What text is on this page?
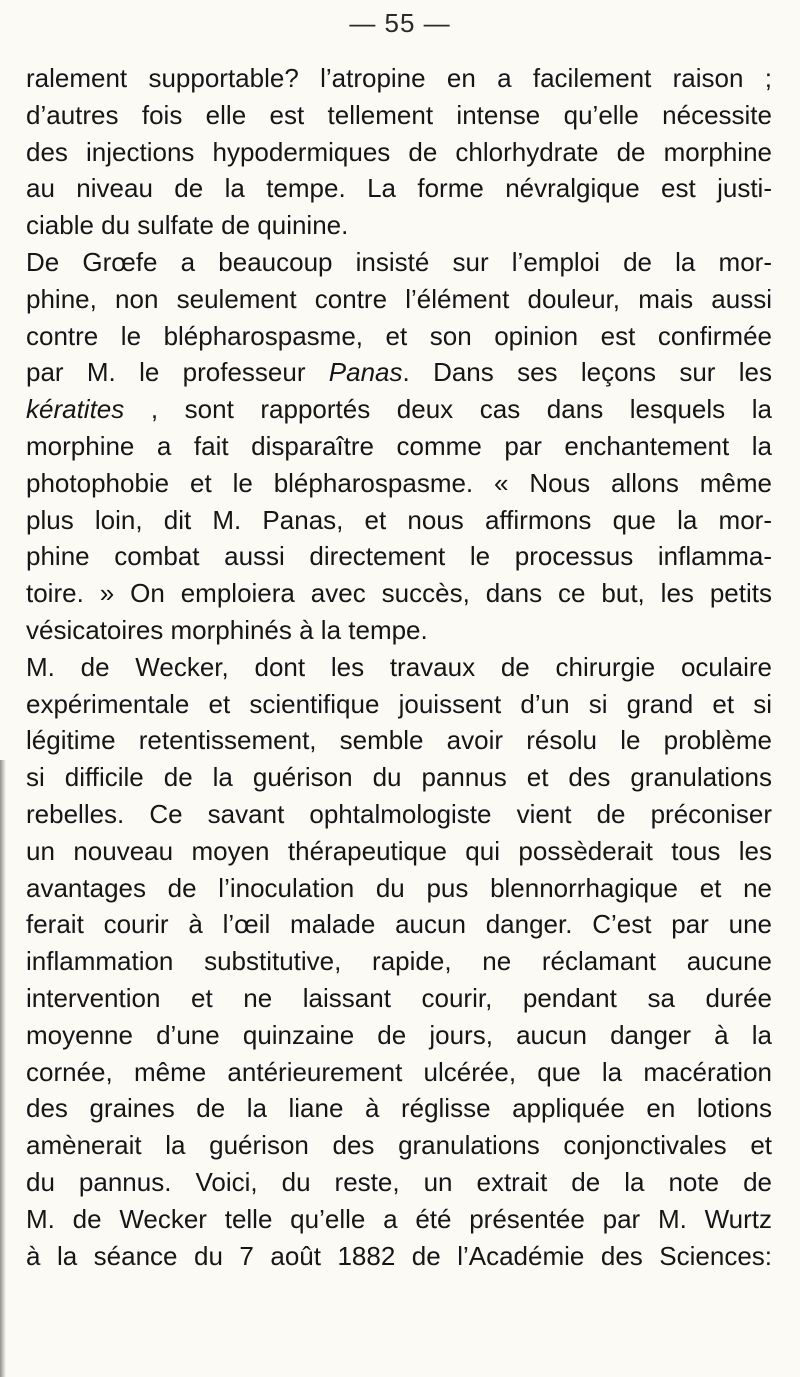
— 55 —
ralement supportable? l’atropine en a facilement raison ;
d’autres fois elle est tellement intense qu’elle nécessite
des injections hypodermiques de chlorhydrate de morphine
au niveau de la tempe. La forme névralgique est justi-
ciable du sulfate de quinine.
De Grœfe a beaucoup insisté sur l’emploi de la mor-
phine, non seulement contre l’élément douleur, mais aussi
contre le blépharospasme, et son opinion est confirmée
par M. le professeur Panas. Dans ses leçons sur les
kératites , sont rapportés deux cas dans lesquels la
morphine a fait disparaître comme par enchantement la
photophobie et le blépharospasme. « Nous allons même
plus loin, dit M. Panas, et nous affirmons que la mor-
phine combat aussi directement le processus inflamma-
toire. » On emploiera avec succès, dans ce but, les petits
vésicatoires morphinés à la tempe.
M. de Wecker, dont les travaux de chirurgie oculaire
expérimentale et scientifique jouissent d’un si grand et si
légitime retentissement, semble avoir résolu le problème
si difficile de la guérison du pannus et des granulations
rebelles. Ce savant ophtalmologiste vient de préconiser
un nouveau moyen thérapeutique qui possèderait tous les
avantages de l’inoculation du pus blennorrhagique et ne
ferait courir à l’œil malade aucun danger. C’est par une
inflammation substitutive, rapide, ne réclamant aucune
intervention et ne laissant courir, pendant sa durée
moyenne d’une quinzaine de jours, aucun danger à la
cornée, même antérieurement ulcérée, que la macération
des graines de la liane à réglisse appliquée en lotions
amènerait la guérison des granulations conjonctivales et
du pannus. Voici, du reste, un extrait de la note de
M. de Wecker telle qu’elle a été présentée par M. Wurtz
à la séance du 7 août 1882 de l’Académie des Sciences:
